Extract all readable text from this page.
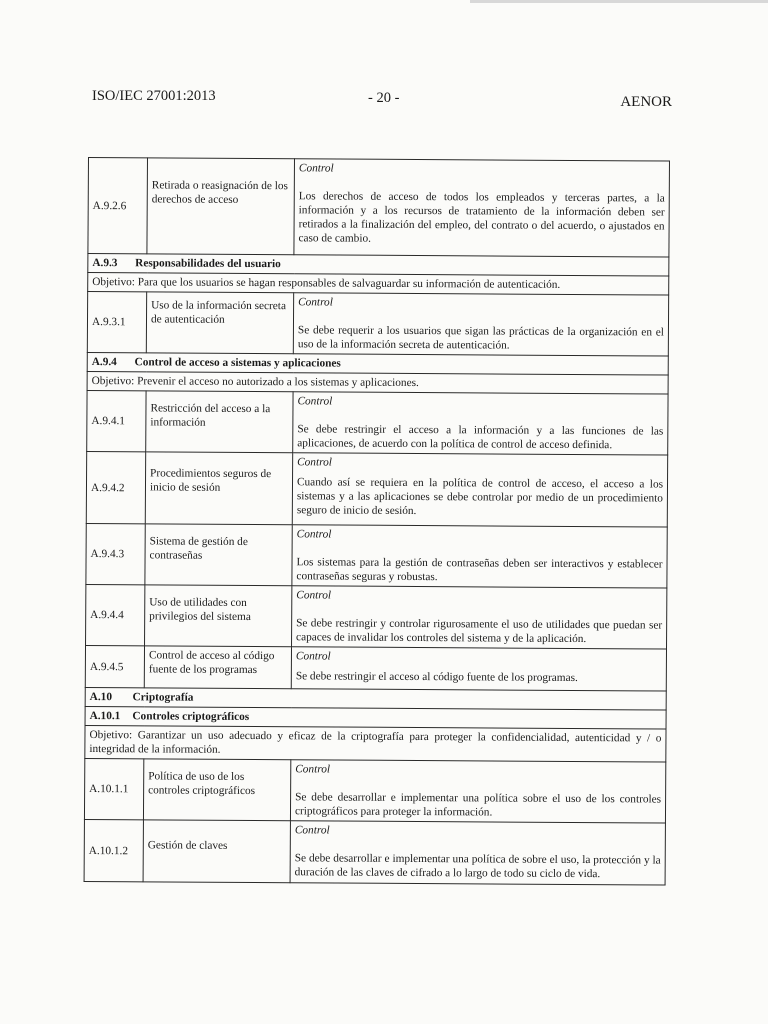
ISO/IEC 27001:2013	- 20 -	AENOR
A.9.2.6	Retirada o reasignación de los derechos de acceso	Control
Los derechos de acceso de todos los empleados y terceras partes, a la información y a los recursos de tratamiento de la información deben ser retirados a la finalización del empleo, del contrato o del acuerdo, o ajustados en caso de cambio.
A.9.3 Responsabilidades del usuario		
Objetivo: Para que los usuarios se hagan responsables de salvaguardar su información de autenticación.		
A.9.3.1	Uso de la información secreta de autenticación	Control
Se debe requerir a los usuarios que sigan las prácticas de la organización en el uso de la información secreta de autenticación.
A.9.4 Control de acceso a sistemas y aplicaciones		
Objetivo: Prevenir el acceso no autorizado a los sistemas y aplicaciones.		
A.9.4.1	Restricción del acceso a la información	Control
Se debe restringir el acceso a la información y a las funciones de las aplicaciones, de acuerdo con la política de control de acceso definida.
A.9.4.2	Procedimientos seguros de inicio de sesión	Control
Cuando así se requiera en la política de control de acceso, el acceso a los sistemas y a las aplicaciones se debe controlar por medio de un procedimiento seguro de inicio de sesión.
A.9.4.3	Sistema de gestión de contraseñas	Control
Los sistemas para la gestión de contraseñas deben ser interactivos y establecer contraseñas seguras y robustas.
A.9.4.4	Uso de utilidades con privilegios del sistema	Control
Se debe restringir y controlar rigurosamente el uso de utilidades que puedan ser capaces de invalidar los controles del sistema y de la aplicación.
A.9.4.5	Control de acceso al código fuente de los programas	Control
Se debe restringir el acceso al código fuente de los programas.
A.10 Criptografía		
A.10.1 Controles criptográficos		
Objetivo: Garantizar un uso adecuado y eficaz de la criptografía para proteger la confidencialidad, autenticidad y / o integridad de la información.		
A.10.1.1	Política de uso de los controles criptográficos	Control
Se debe desarrollar e implementar una política sobre el uso de los controles criptográficos para proteger la información.
A.10.1.2	Gestión de claves	Control
Se debe desarrollar e implementar una política de sobre el uso, la protección y la duración de las claves de cifrado a lo largo de todo su ciclo de vida.
